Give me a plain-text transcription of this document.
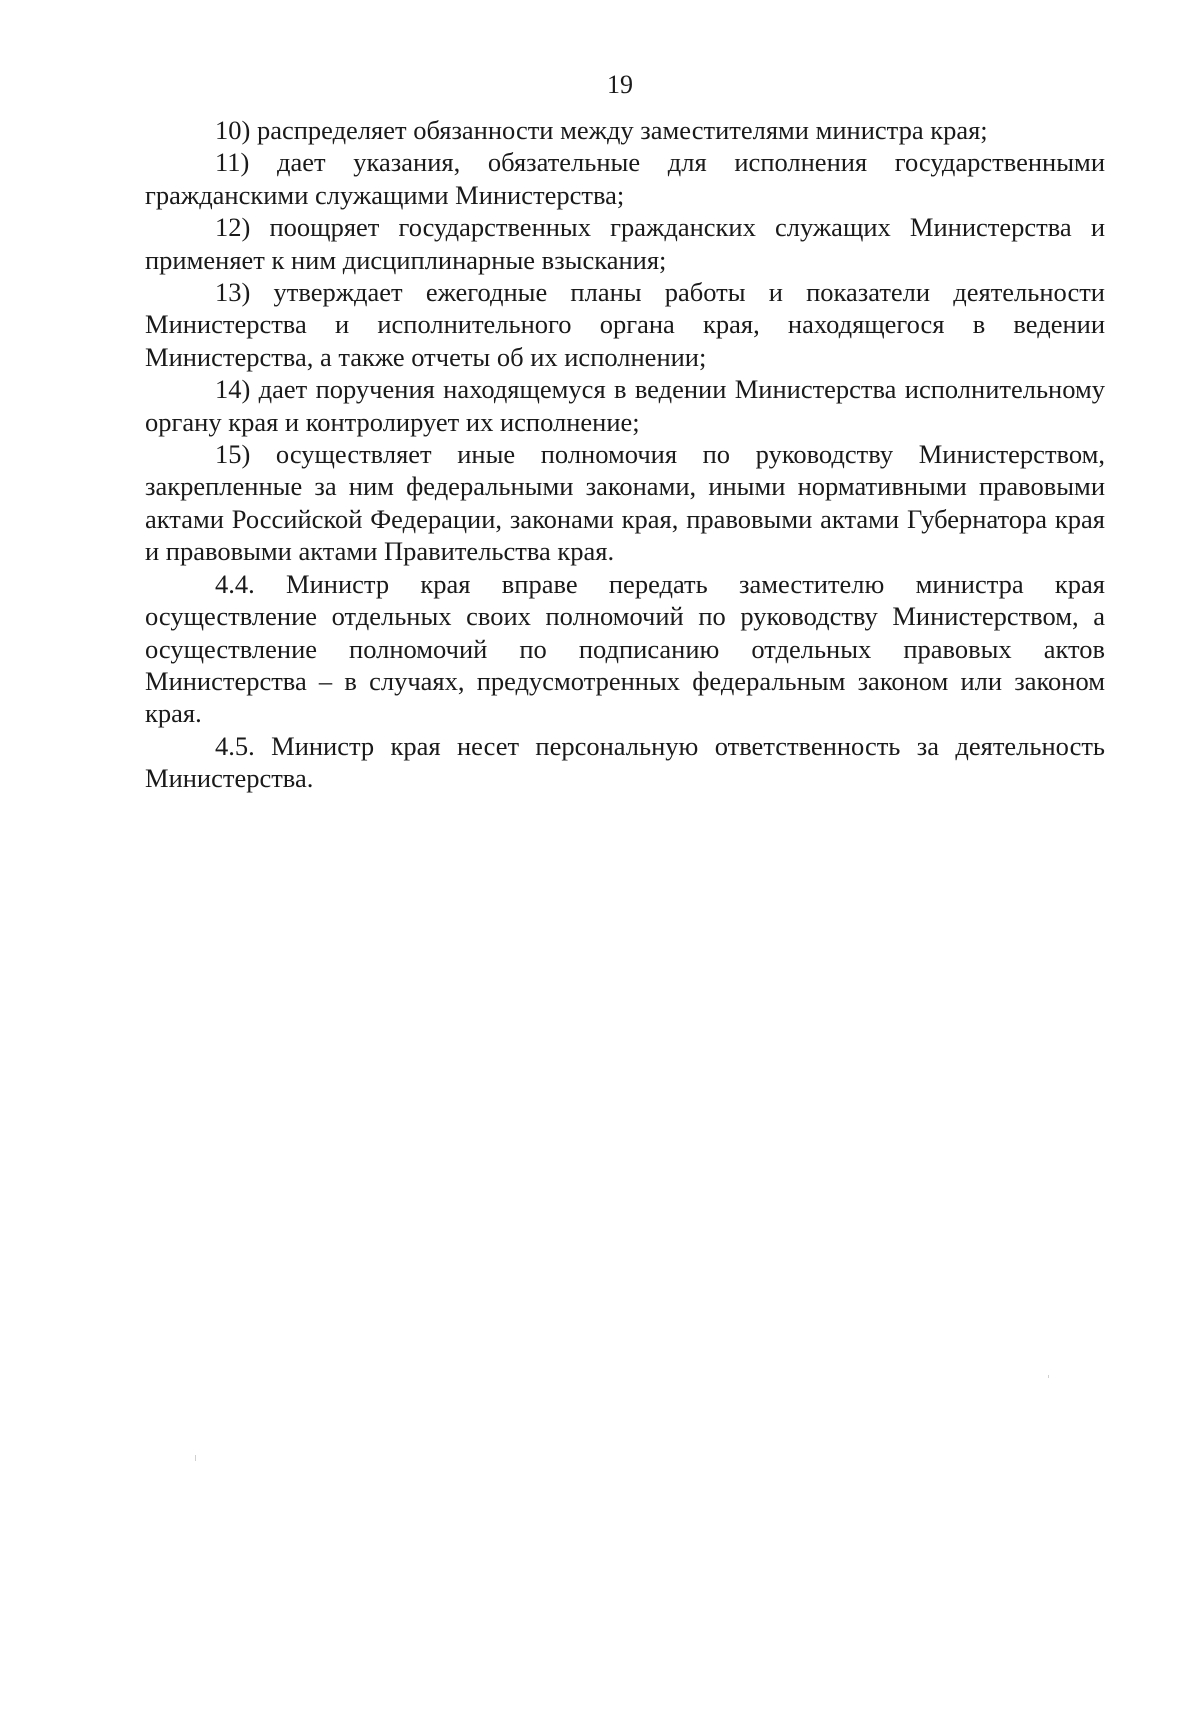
19

10) распределяет обязанности между заместителями министра края;

11) дает указания, обязательные для исполнения государственными гражданскими служащими Министерства;

12) поощряет государственных гражданских служащих Министерства и применяет к ним дисциплинарные взыскания;

13) утверждает ежегодные планы работы и показатели деятельности Министерства и исполнительного органа края, находящегося в ведении Министерства, а также отчеты об их исполнении;

14) дает поручения находящемуся в ведении Министерства исполнительному органу края и контролирует их исполнение;

15) осуществляет иные полномочия по руководству Министерством, закрепленные за ним федеральными законами, иными нормативными правовыми актами Российской Федерации, законами края, правовыми актами Губернатора края и правовыми актами Правительства края.

4.4. Министр края вправе передать заместителю министра края осуществление отдельных своих полномочий по руководству Министерством, а осуществление полномочий по подписанию отдельных правовых актов Министерства – в случаях, предусмотренных федеральным законом или законом края.

4.5. Министр края несет персональную ответственность за деятельность Министерства.
